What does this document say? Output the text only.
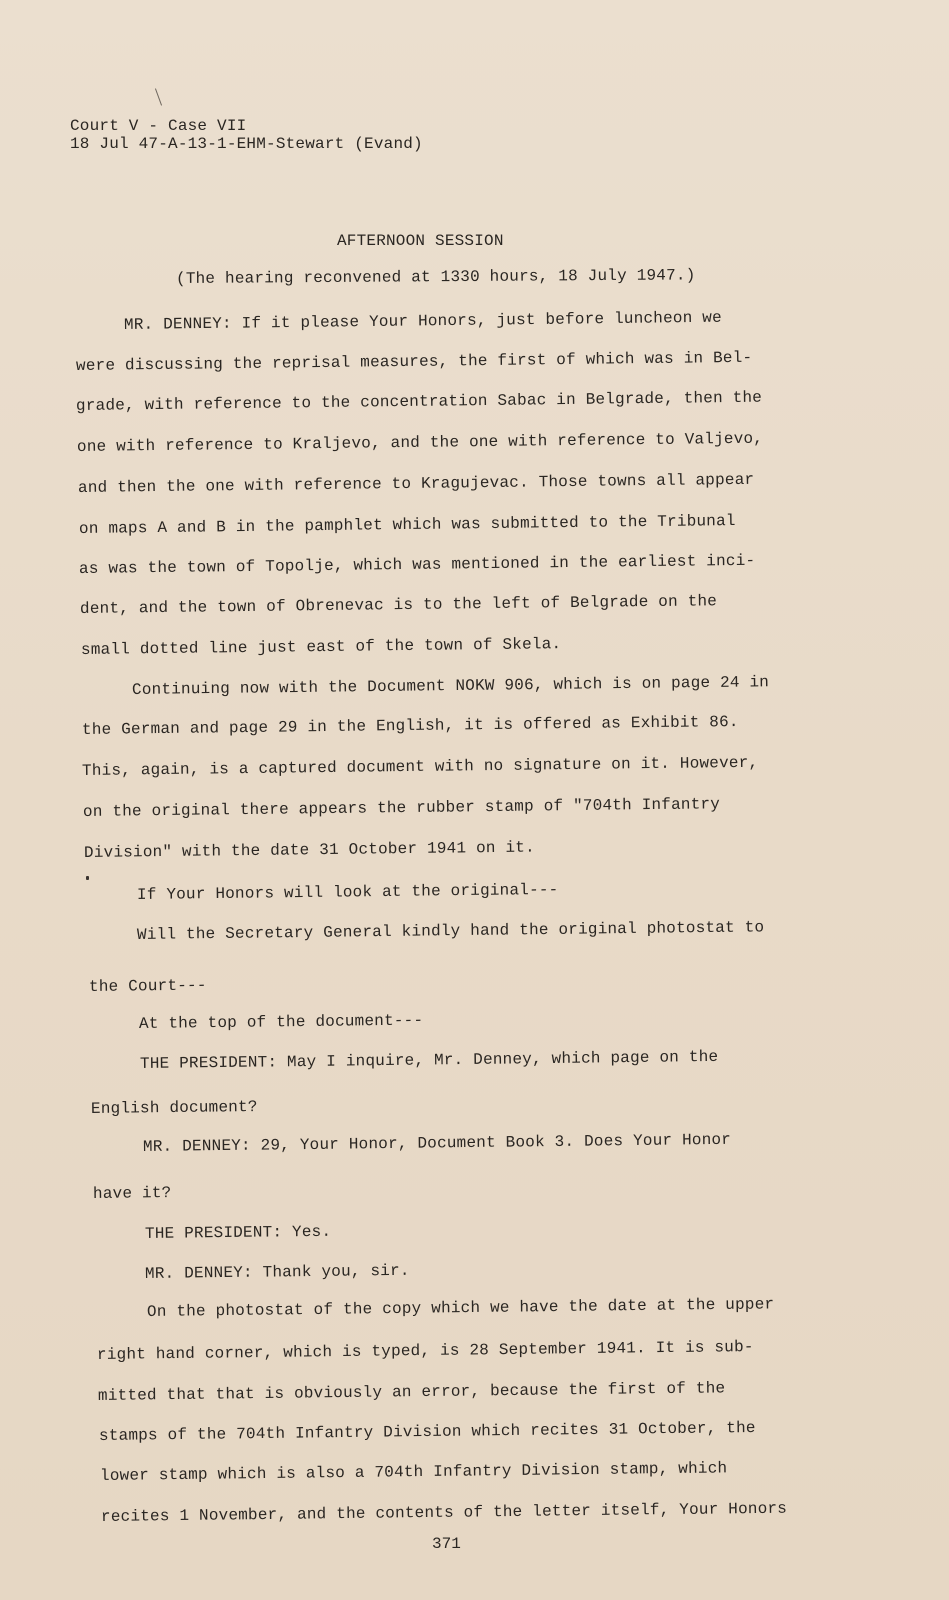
Court V - Case VII
18 Jul 47-A-13-1-EHM-Stewart (Evand)
AFTERNOON SESSION
(The hearing reconvened at 1330 hours, 18 July 1947.)
MR. DENNEY: If it please Your Honors, just before luncheon we
were discussing the reprisal measures, the first of which was in Bel-
grade, with reference to the concentration Sabac in Belgrade, then the
one with reference to Kraljevo, and the one with reference to Valjevo,
and then the one with reference to Kragujevac. Those towns all appear
on maps A and B in the pamphlet which was submitted to the Tribunal
as was the town of Topolje, which was mentioned in the earliest inci-
dent, and the town of Obrenevac is to the left of Belgrade on the
small dotted line just east of the town of Skela.
Continuing now with the Document NOKW 906, which is on page 24 in
the German and page 29 in the English, it is offered as Exhibit 86.
This, again, is a captured document with no signature on it. However,
on the original there appears the rubber stamp of "704th Infantry
Division" with the date 31 October 1941 on it.
If Your Honors will look at the original---
Will the Secretary General kindly hand the original photostat to
the Court---
At the top of the document---
THE PRESIDENT: May I inquire, Mr. Denney, which page on the
English document?
MR. DENNEY: 29, Your Honor, Document Book 3. Does Your Honor
have it?
THE PRESIDENT: Yes.
MR. DENNEY: Thank you, sir.
On the photostat of the copy which we have the date at the upper
right hand corner, which is typed, is 28 September 1941. It is sub-
mitted that that is obviously an error, because the first of the
stamps of the 704th Infantry Division which recites 31 October, the
lower stamp which is also a 704th Infantry Division stamp, which
recites 1 November, and the contents of the letter itself, Your Honors
371
